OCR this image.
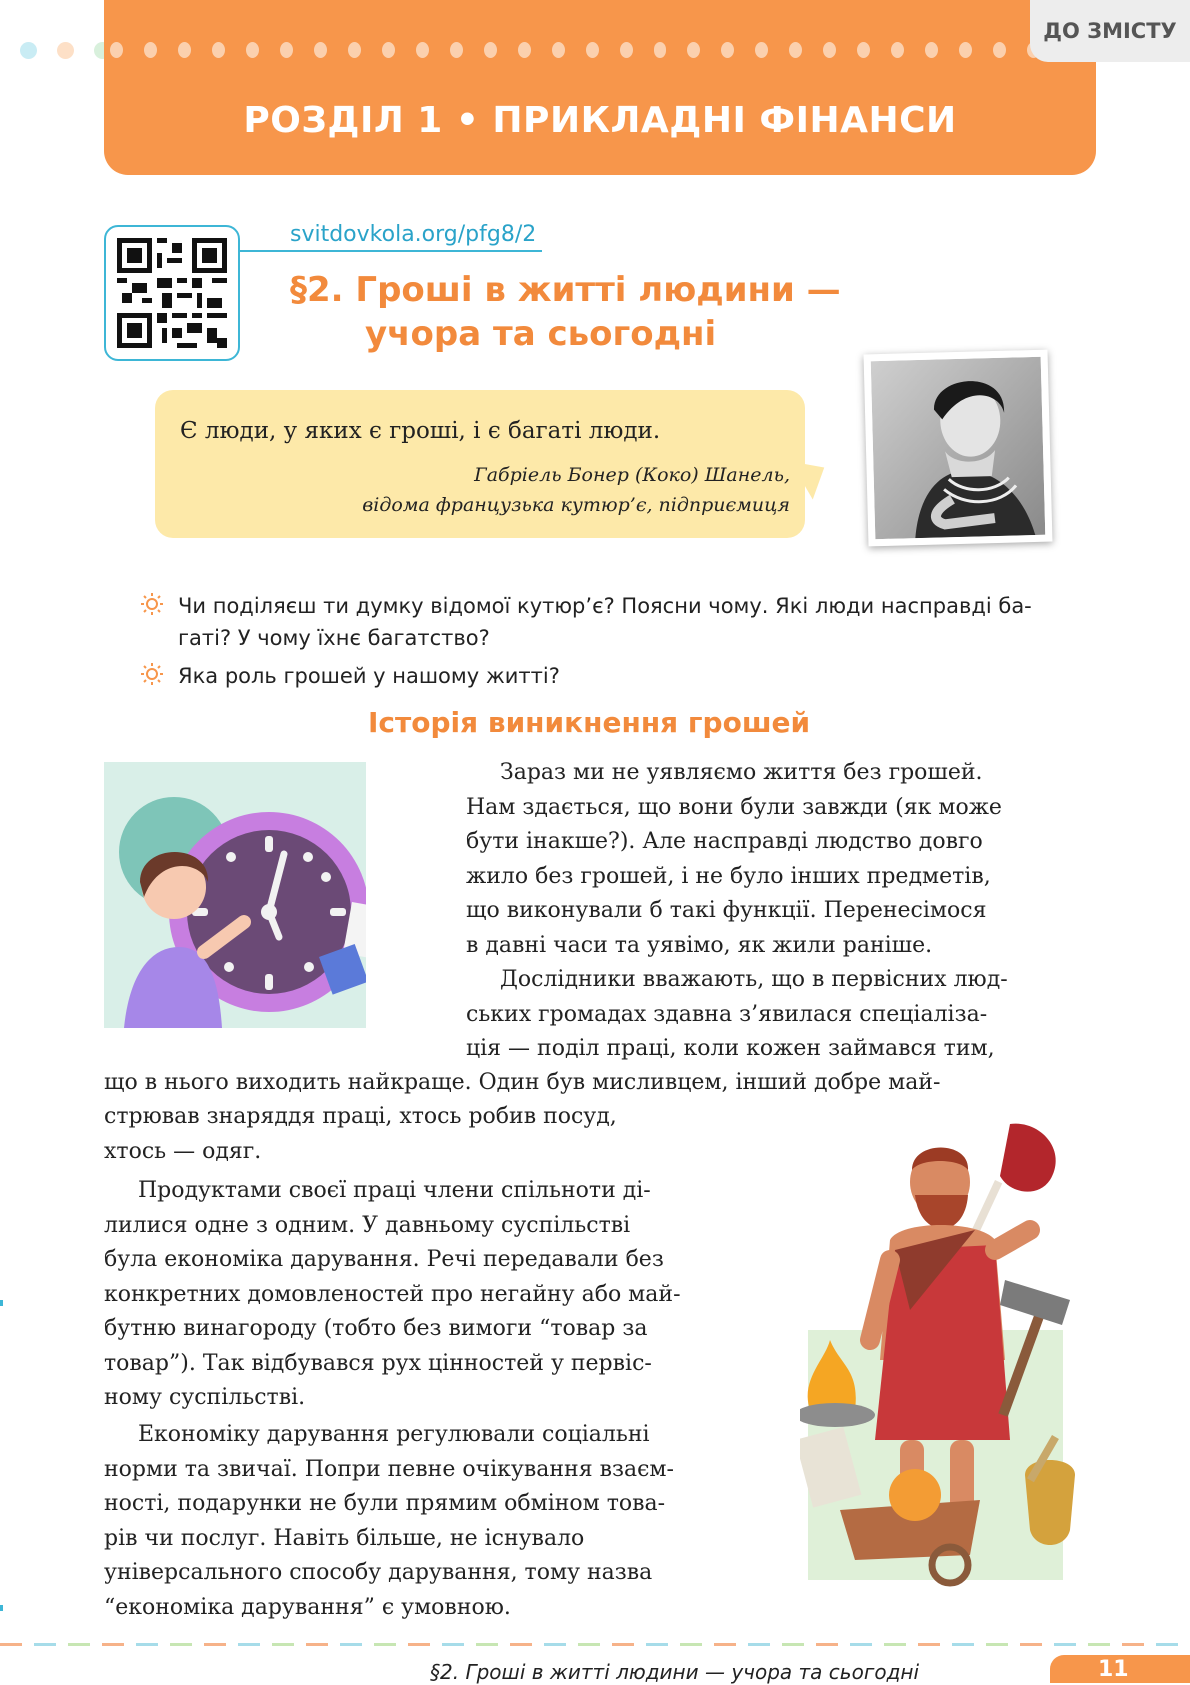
РОЗДІЛ 1 • ПРИКЛАДНІ ФІНАНСИ
ДО ЗМІСТУ
svitdovkola.org/pfg8/2
§2. Гроші в житті людини —
учора та сьогодні
Є люди, у яких є гроші, і є багаті люди.
Габріель Бонер (Коко) Шанель,
відома французька кутюр’є, підприємиця
Чи поділяєш ти думку відомої кутюр’є? Поясни чому. Які люди насправді ба-
гаті? У чому їхнє багатство?
Яка роль грошей у нашому житті?
Історія виникнення грошей
Зараз ми не уявляємо життя без грошей.
Нам здається, що вони були завжди (як може
бути інакше?). Але насправді людство довго
жило без грошей, і не було інших предметів,
що виконували б такі функції. Перенесімося
в давні часи та уявімо, як жили раніше.
Дослідники вважають, що в первісних люд-
ських громадах здавна з’явилася спеціаліза-
ція — поділ праці, коли кожен займався тим,
що в нього виходить найкраще. Один був мисливцем, інший добре май-
стрював знаряддя праці, хтось робив посуд,
хтось — одяг.
Продуктами своєї праці члени спільноти ді-
лилися одне з одним. У давньому суспільстві
була економіка дарування. Речі передавали без
конкретних домовленостей про негайну або май-
бутню винагороду (тобто без вимоги “товар за
товар”). Так відбувався рух цінностей у первіс-
ному суспільстві.
Економіку дарування регулювали соціальні
норми та звичаї. Попри певне очікування взаєм-
ності, подарунки не були прямим обміном това-
рів чи послуг. Навіть більше, не існувало
універсального способу дарування, тому назва
“економіка дарування” є умовною.
§2. Гроші в житті людини — учора та сьогодні	11
